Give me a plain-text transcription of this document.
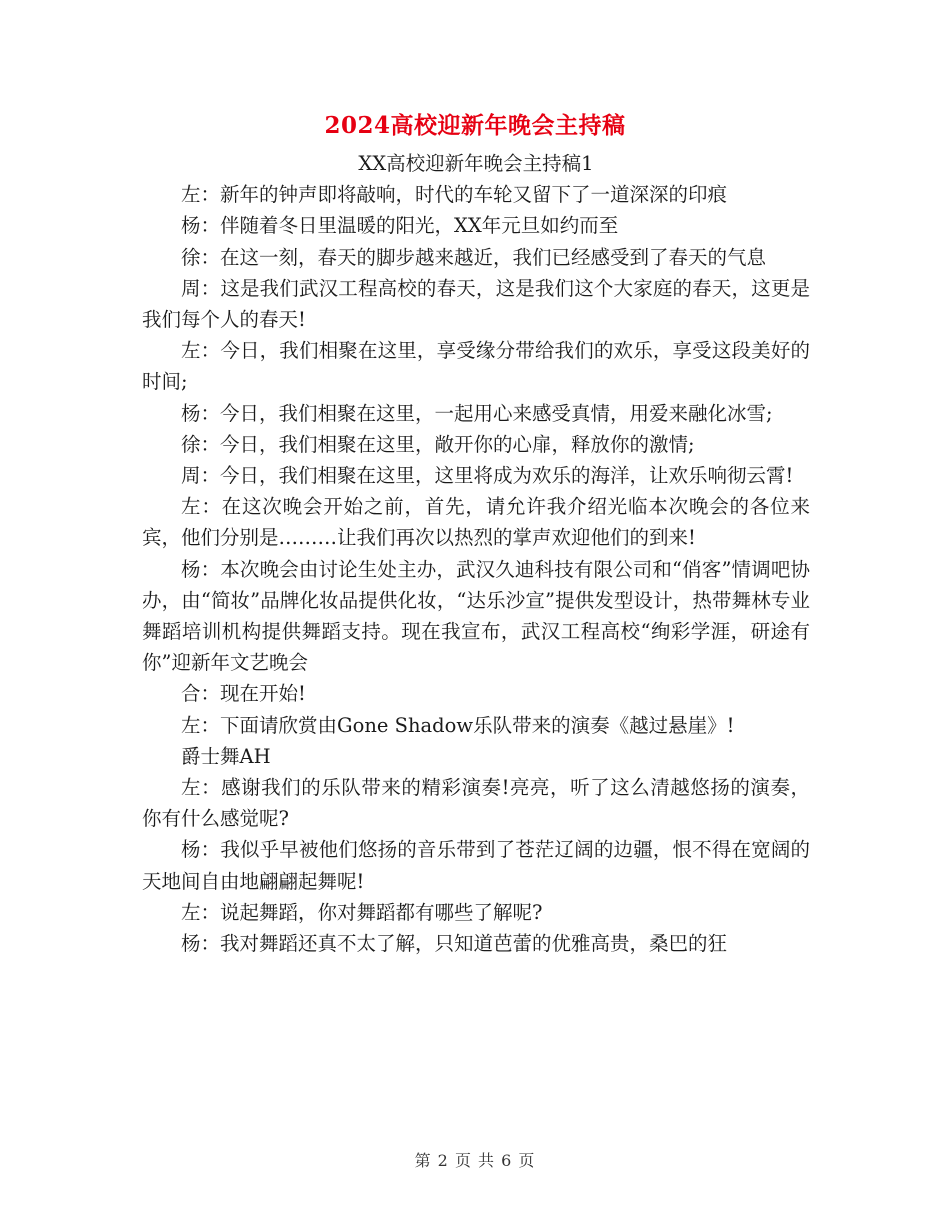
2024高校迎新年晚会主持稿

XX高校迎新年晚会主持稿1

左：新年的钟声即将敲响，时代的车轮又留下了一道深深的印痕

杨：伴随着冬日里温暖的阳光，XX年元旦如约而至

徐：在这一刻，春天的脚步越来越近，我们已经感受到了春天的气息

周：这是我们武汉工程高校的春天，这是我们这个大家庭的春天，这更是我们每个人的春天!

左：今日，我们相聚在这里，享受缘分带给我们的欢乐，享受这段美好的时间;

杨：今日，我们相聚在这里，一起用心来感受真情，用爱来融化冰雪;

徐：今日，我们相聚在这里，敞开你的心扉，释放你的激情;

周：今日，我们相聚在这里，这里将成为欢乐的海洋，让欢乐响彻云霄!

左：在这次晚会开始之前，首先，请允许我介绍光临本次晚会的各位来宾，他们分别是………让我们再次以热烈的掌声欢迎他们的到来!

杨：本次晚会由讨论生处主办，武汉久迪科技有限公司和“俏客”情调吧协办，由“简妆”品牌化妆品提供化妆，“达乐沙宣”提供发型设计，热带舞林专业舞蹈培训机构提供舞蹈支持。现在我宣布，武汉工程高校“绚彩学涯，研途有你”迎新年文艺晚会

合：现在开始!

左：下面请欣赏由Gone Shadow乐队带来的演奏《越过悬崖》!

爵士舞AH

左：感谢我们的乐队带来的精彩演奏!亮亮，听了这么清越悠扬的演奏，你有什么感觉呢?

杨：我似乎早被他们悠扬的音乐带到了苍茫辽阔的边疆，恨不得在宽阔的天地间自由地翩翩起舞呢!

左：说起舞蹈，你对舞蹈都有哪些了解呢?

杨：我对舞蹈还真不太了解，只知道芭蕾的优雅高贵，桑巴的狂

第 2 页 共 6 页
